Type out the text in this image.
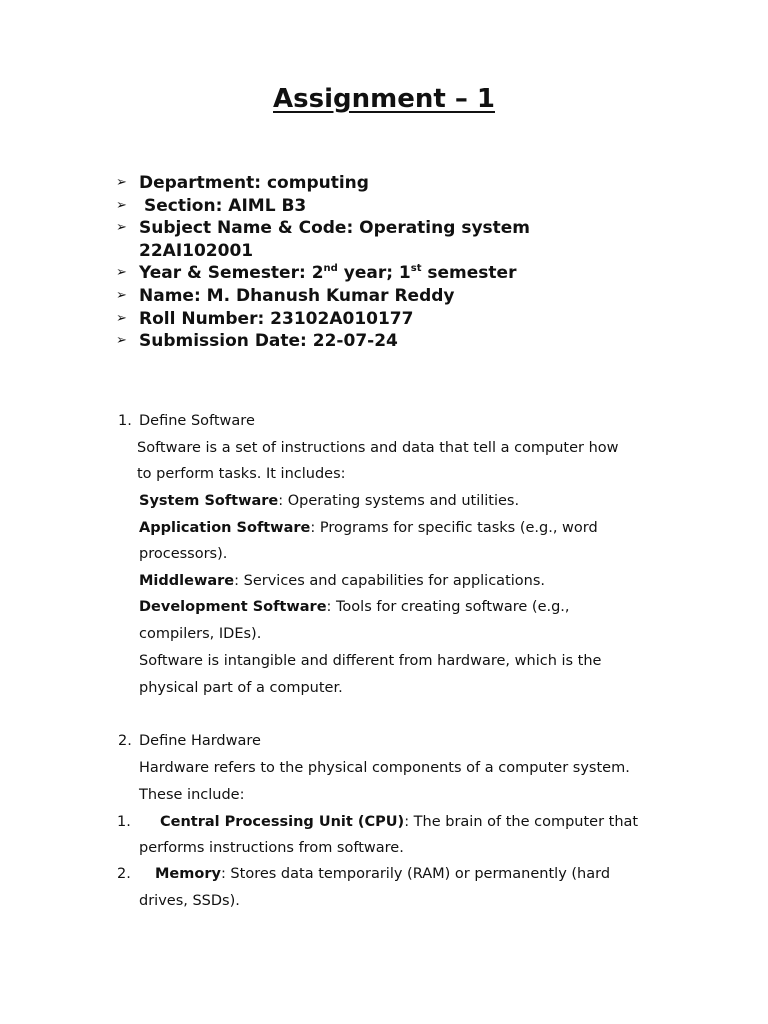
Assignment – 1
➢ Department: computing
➢ Section: AIML B3
➢ Subject Name & Code: Operating system
22AI102001
➢ Year & Semester: 2nd year; 1st semester
➢ Name: M. Dhanush Kumar Reddy
➢ Roll Number: 23102A010177
➢ Submission Date: 22-07-24
1. Define Software
Software is a set of instructions and data that tell a computer how
to perform tasks. It includes:
System Software: Operating systems and utilities.
Application Software: Programs for specific tasks (e.g., word
processors).
Middleware: Services and capabilities for applications.
Development Software: Tools for creating software (e.g.,
compilers, IDEs).
Software is intangible and different from hardware, which is the
physical part of a computer.
2. Define Hardware
Hardware refers to the physical components of a computer system.
These include:
1. Central Processing Unit (CPU): The brain of the computer that
performs instructions from software.
2. Memory: Stores data temporarily (RAM) or permanently (hard
drives, SSDs).
